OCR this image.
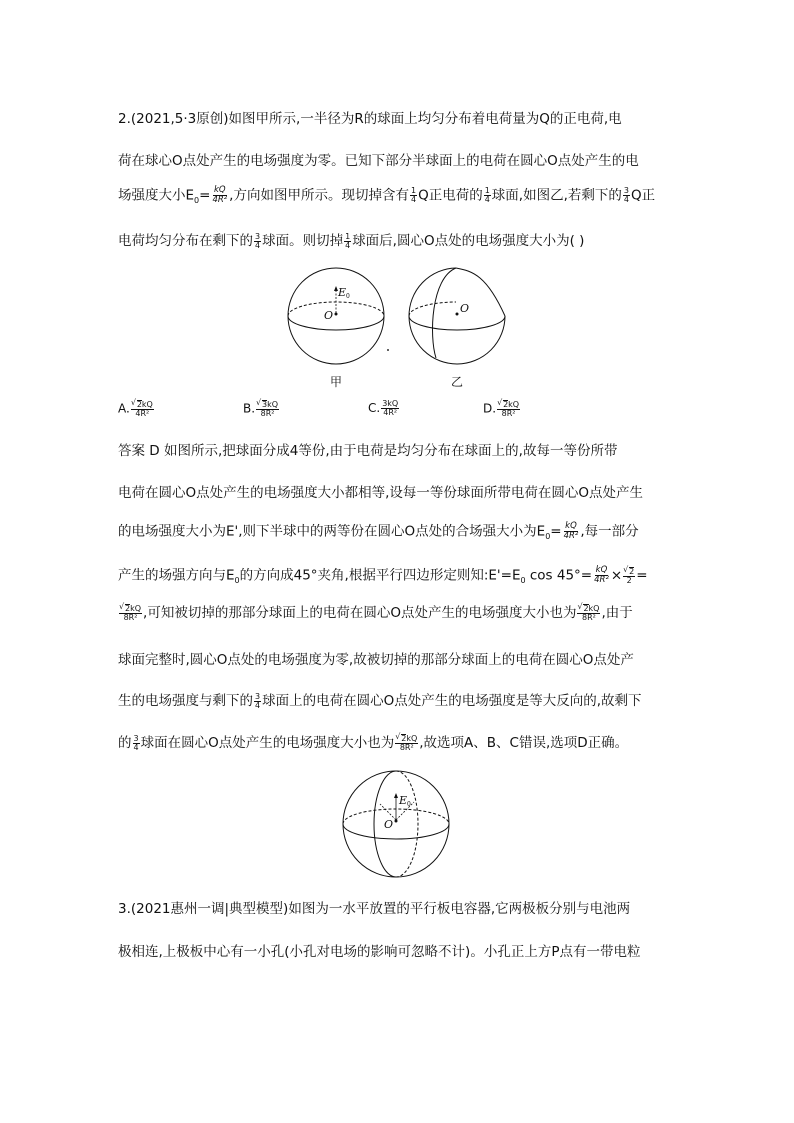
2.(2021,5·3原创)如图甲所示,一半径为R的球面上均匀分布着电荷量为Q的正电荷,电
荷在球心O点处产生的电场强度为零。已知下部分半球面上的电荷在圆心O点处产生的电
场强度大小$E_0= \frac{kQ}{\text{4R²}}$ ,方向如图甲所示。现切掉含有 $\frac{1}{4}$ Q正电荷的 $\frac{1}{4}$ 球面,如图乙,若剩下的 $\frac{3}{4}$ Q正
电荷均匀分布在剩下的 $\frac{3}{4}$ 球面。则切掉 $\frac{1}{4}$ 球面后,圆心O点处的电场强度大小为( )
E0
O
O
甲	乙
A. √ $\frac{2kQ}{\text{4R²}}$	B. √ $\frac{3kQ}{\text{8R²}}$	C. $\frac{3kQ}{\text{4R²}}$	D. √ $\frac{2kQ}{\text{8R²}}$
答案 D 如图所示,把球面分成4等份,由于电荷是均匀分布在球面上的,故每一等份所带
电荷在圆心O点处产生的电场强度大小都相等,设每一等份球面所带电荷在圆心O点处产生
的电场强度大小为E',则下半球中的两等份在圆心O点处的合场强大小为$E_0= \frac{kQ}{\text{4R²}}$ ,每一部分
产生的场强方向与$E_0$的方向成45°夹角,根据平行四边形定则知$:E'=E_0$ $\cos 45^\circ= \frac{kQ}{\text{4R²}}$ × √ $\frac{2}{2}$ =
√ $\frac{2kQ}{\text{8R²}}$ ,可知被切掉的那部分球面上的电荷在圆心O点处产生的电场强度大小也为 √ $\frac{2kQ}{\text{8R²}}$ ,由于
球面完整时,圆心O点处的电场强度为零,故被切掉的那部分球面上的电荷在圆心O点处产
生的电场强度与剩下的 $\frac{3}{4}$ 球面上的电荷在圆心O点处产生的电场强度是等大反向的,故剩下
的 $\frac{3}{4}$ 球面在圆心O点处产生的电场强度大小也为 √ $\frac{2kQ}{\text{8R²}}$ ,故选项A、B、C错误,选项D正确。
E0
O
3.(2021惠州一调|典型模型)如图为一水平放置的平行板电容器,它两极板分别与电池两
极相连,上极板中心有一小孔(小孔对电场的影响可忽略不计)。小孔正上方P点有一带电粒
